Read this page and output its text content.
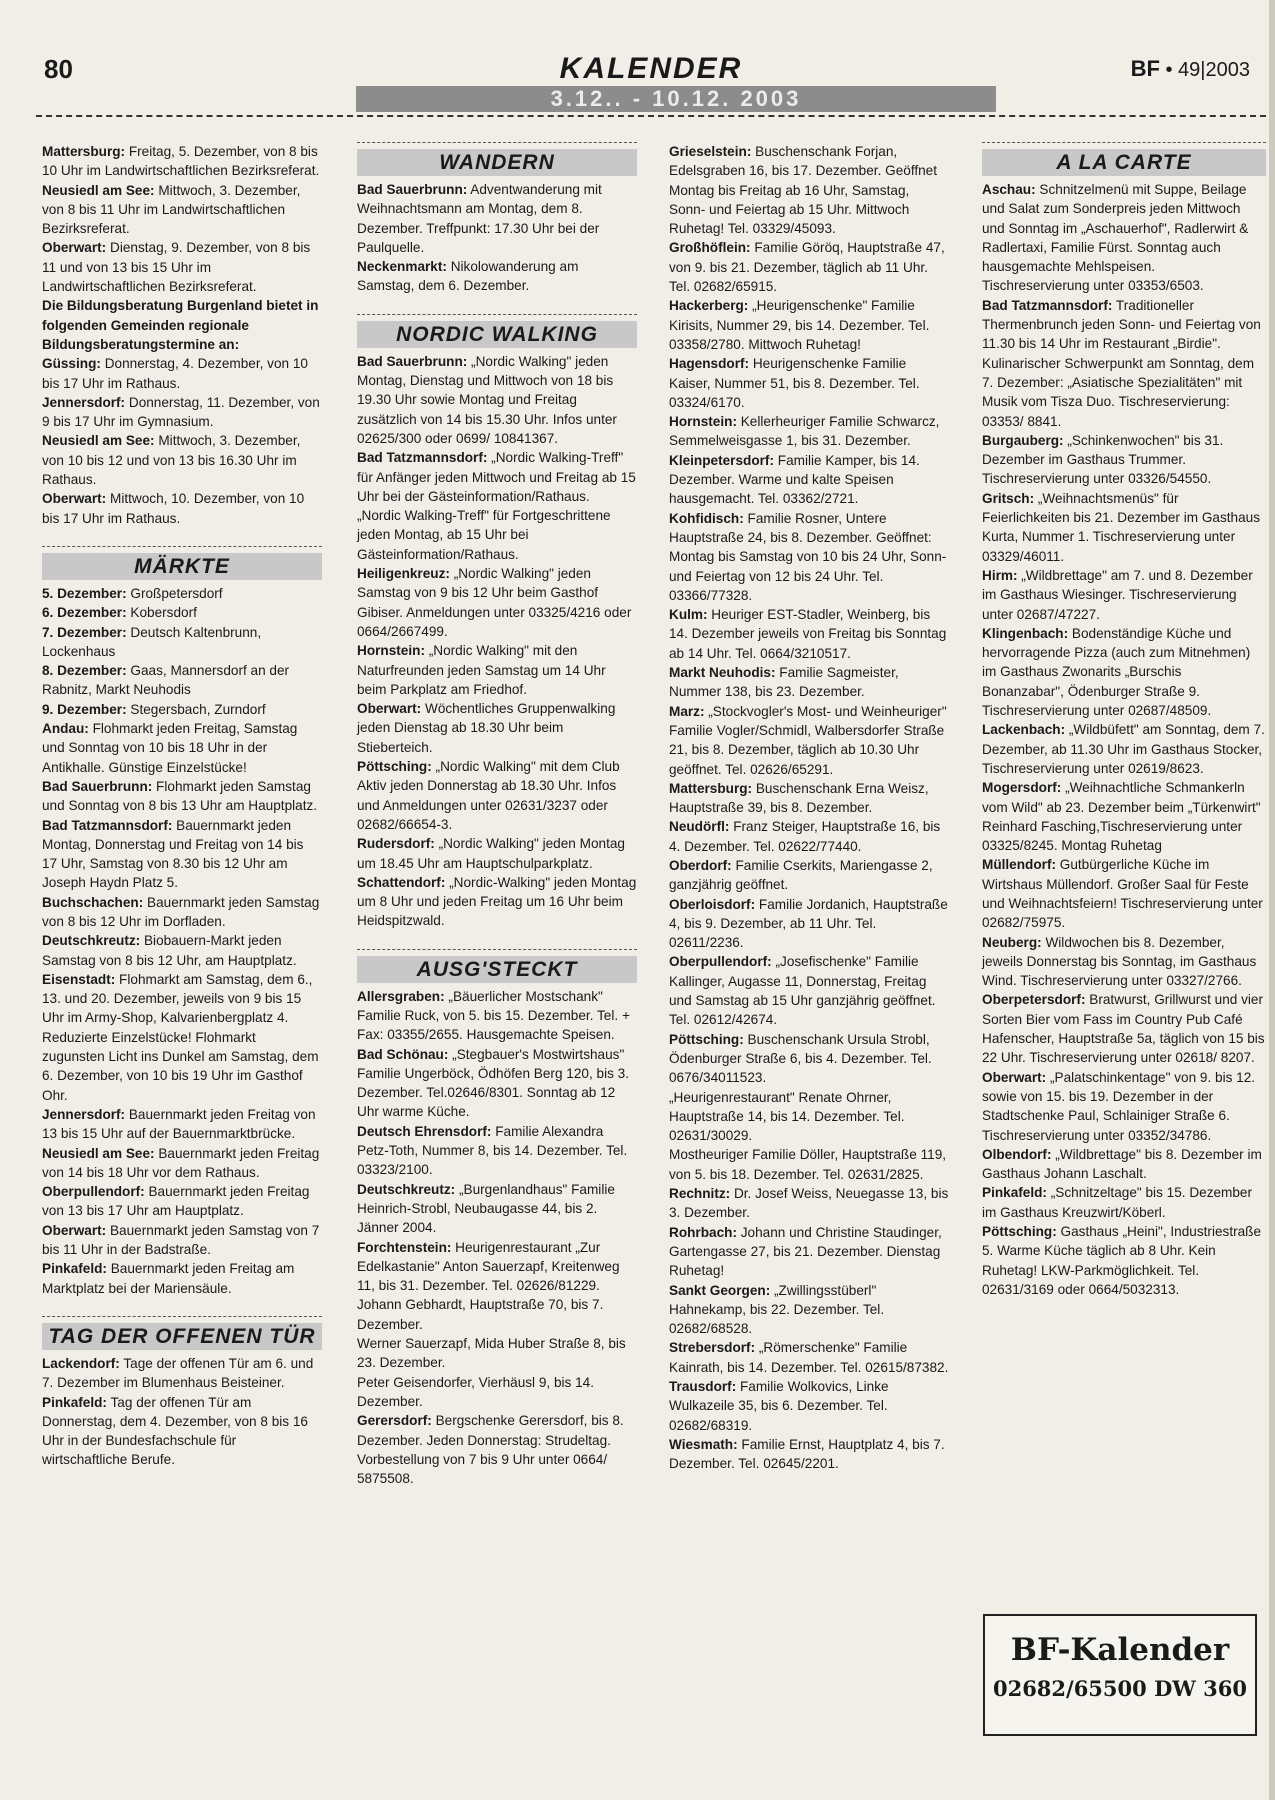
80	KALENDER
3.12.. - 10.12. 2003
BF • 49|2003

Mattersburg: Freitag, 5. Dezember, von 8 bis 10 Uhr im Landwirtschaftlichen Bezirksreferat.

Neusiedl am See: Mittwoch, 3. Dezember, von 8 bis 11 Uhr im Landwirtschaftlichen Bezirksreferat.

Oberwart: Dienstag, 9. Dezember, von 8 bis 11 und von 13 bis 15 Uhr im Landwirtschaftlichen Bezirksreferat.

Die Bildungsberatung Burgenland bietet in folgenden Gemeinden regionale Bildungsberatungstermine an:

Güssing: Donnerstag, 4. Dezember, von 10 bis 17 Uhr im Rathaus.

Jennersdorf: Donnerstag, 11. Dezember, von 9 bis 17 Uhr im Gymnasium.

Neusiedl am See: Mittwoch, 3. Dezember, von 10 bis 12 und von 13 bis 16.30 Uhr im Rathaus.

Oberwart: Mittwoch, 10. Dezember, von 10 bis 17 Uhr im Rathaus.

MÄRKTE

5. Dezember: Großpetersdorf

6. Dezember: Kobersdorf

7. Dezember: Deutsch Kaltenbrunn, Lockenhaus

8. Dezember: Gaas, Mannersdorf an der Rabnitz, Markt Neuhodis

9. Dezember: Stegersbach, Zurndorf

Andau: Flohmarkt jeden Freitag, Samstag und Sonntag von 10 bis 18 Uhr in der Antikhalle. Günstige Einzelstücke!

Bad Sauerbrunn: Flohmarkt jeden Samstag und Sonntag von 8 bis 13 Uhr am Hauptplatz.

Bad Tatzmannsdorf: Bauernmarkt jeden Montag, Donnerstag und Freitag von 14 bis 17 Uhr, Samstag von 8.30 bis 12 Uhr am Joseph Haydn Platz 5.

Buchschachen: Bauernmarkt jeden Samstag von 8 bis 12 Uhr im Dorfladen.

Deutschkreutz: Biobauern-Markt jeden Samstag von 8 bis 12 Uhr, am Hauptplatz.

Eisenstadt: Flohmarkt am Samstag, dem 6., 13. und 20. Dezember, jeweils von 9 bis 15 Uhr im Army-Shop, Kalvarienbergplatz 4. Reduzierte Einzelstücke! Flohmarkt zugunsten Licht ins Dunkel am Samstag, dem 6. Dezember, von 10 bis 19 Uhr im Gasthof Ohr.

Jennersdorf: Bauernmarkt jeden Freitag von 13 bis 15 Uhr auf der Bauernmarktbrücke.

Neusiedl am See: Bauernmarkt jeden Freitag von 14 bis 18 Uhr vor dem Rathaus.

Oberpullendorf: Bauernmarkt jeden Freitag von 13 bis 17 Uhr am Hauptplatz.

Oberwart: Bauernmarkt jeden Samstag von 7 bis 11 Uhr in der Badstraße.

Pinkafeld: Bauernmarkt jeden Freitag am Marktplatz bei der Mariensäule.

TAG DER OFFENEN TÜR

Lackendorf: Tage der offenen Tür am 6. und 7. Dezember im Blumenhaus Beisteiner.

Pinkafeld: Tag der offenen Tür am Donnerstag, dem 4. Dezember, von 8 bis 16 Uhr in der Bundesfachschule für wirtschaftliche Berufe.

WANDERN

Bad Sauerbrunn: Adventwanderung mit Weihnachtsmann am Montag, dem 8. Dezember. Treffpunkt: 17.30 Uhr bei der Paulquelle.

Neckenmarkt: Nikolowanderung am Samstag, dem 6. Dezember.

NORDIC WALKING

Bad Sauerbrunn: „Nordic Walking" jeden Montag, Dienstag und Mittwoch von 18 bis 19.30 Uhr sowie Montag und Freitag zusätzlich von 14 bis 15.30 Uhr. Infos unter 02625/300 oder 0699/ 10841367.

Bad Tatzmannsdorf: „Nordic Walking-Treff" für Anfänger jeden Mittwoch und Freitag ab 15 Uhr bei der Gästeinformation/Rathaus.

„Nordic Walking-Treff" für Fortgeschrittene jeden Montag, ab 15 Uhr bei Gästeinformation/Rathaus.

Heiligenkreuz: „Nordic Walking" jeden Samstag von 9 bis 12 Uhr beim Gasthof Gibiser. Anmeldungen unter 03325/4216 oder 0664/2667499.

Hornstein: „Nordic Walking" mit den Naturfreunden jeden Samstag um 14 Uhr beim Parkplatz am Friedhof.

Oberwart: Wöchentliches Gruppenwalking jeden Dienstag ab 18.30 Uhr beim Stieberteich.

Pöttsching: „Nordic Walking" mit dem Club Aktiv jeden Donnerstag ab 18.30 Uhr. Infos und Anmeldungen unter 02631/3237 oder 02682/66654-3.

Rudersdorf: „Nordic Walking" jeden Montag um 18.45 Uhr am Hauptschulparkplatz.

Schattendorf: „Nordic-Walking" jeden Montag um 8 Uhr und jeden Freitag um 16 Uhr beim Heidspitzwald.

AUSG'STECKT

Allersgraben: „Bäuerlicher Mostschank" Familie Ruck, von 5. bis 15. Dezember. Tel. + Fax: 03355/2655. Hausgemachte Speisen.

Bad Schönau: „Stegbauer's Mostwirtshaus" Familie Ungerböck, Ödhöfen Berg 120, bis 3. Dezember. Tel.02646/8301. Sonntag ab 12 Uhr warme Küche.

Deutsch Ehrensdorf: Familie Alexandra Petz-Toth, Nummer 8, bis 14. Dezember. Tel. 03323/2100.

Deutschkreutz: „Burgenlandhaus" Familie Heinrich-Strobl, Neubaugasse 44, bis 2. Jänner 2004.

Forchtenstein: Heurigenrestaurant „Zur Edelkastanie" Anton Sauerzapf, Kreitenweg 11, bis 31. Dezember. Tel. 02626/81229.

Johann Gebhardt, Hauptstraße 70, bis 7. Dezember.

Werner Sauerzapf, Mida Huber Straße 8, bis 23. Dezember.

Peter Geisendorfer, Vierhäusl 9, bis 14. Dezember.

Gerersdorf: Bergschenke Gerersdorf, bis 8. Dezember. Jeden Donnerstag: Strudeltag. Vorbestellung von 7 bis 9 Uhr unter 0664/ 5875508.

Grieselstein: Buschenschank Forjan, Edelsgraben 16, bis 17. Dezember. Geöffnet Montag bis Freitag ab 16 Uhr, Samstag, Sonn- und Feiertag ab 15 Uhr. Mittwoch Ruhetag! Tel. 03329/45093.

Großhöflein: Familie Göröq, Hauptstraße 47, von 9. bis 21. Dezember, täglich ab 11 Uhr. Tel. 02682/65915.

Hackerberg: „Heurigenschenke" Familie Kirisits, Nummer 29, bis 14. Dezember. Tel. 03358/2780. Mittwoch Ruhetag!

Hagensdorf: Heurigenschenke Familie Kaiser, Nummer 51, bis 8. Dezember. Tel. 03324/6170.

Hornstein: Kellerheuriger Familie Schwarcz, Semmelweisgasse 1, bis 31. Dezember.

Kleinpetersdorf: Familie Kamper, bis 14. Dezember. Warme und kalte Speisen hausgemacht. Tel. 03362/2721.

Kohfidisch: Familie Rosner, Untere Hauptstraße 24, bis 8. Dezember. Geöffnet: Montag bis Samstag von 10 bis 24 Uhr, Sonn- und Feiertag von 12 bis 24 Uhr. Tel. 03366/77328.

Kulm: Heuriger EST-Stadler, Weinberg, bis 14. Dezember jeweils von Freitag bis Sonntag ab 14 Uhr. Tel. 0664/3210517.

Markt Neuhodis: Familie Sagmeister, Nummer 138, bis 23. Dezember.

Marz: „Stockvogler's Most- und Weinheuriger" Familie Vogler/Schmidl, Walbersdorfer Straße 21, bis 8. Dezember, täglich ab 10.30 Uhr geöffnet. Tel. 02626/65291.

Mattersburg: Buschenschank Erna Weisz, Hauptstraße 39, bis 8. Dezember.

Neudörfl: Franz Steiger, Hauptstraße 16, bis 4. Dezember. Tel. 02622/77440.

Oberdorf: Familie Cserkits, Mariengasse 2, ganzjährig geöffnet.

Oberloisdorf: Familie Jordanich, Hauptstraße 4, bis 9. Dezember, ab 11 Uhr. Tel. 02611/2236.

Oberpullendorf: „Josefischenke" Familie Kallinger, Augasse 11, Donnerstag, Freitag und Samstag ab 15 Uhr ganzjährig geöffnet. Tel. 02612/42674.

Pöttsching: Buschenschank Ursula Strobl, Ödenburger Straße 6, bis 4. Dezember. Tel. 0676/34011523.

„Heurigenrestaurant" Renate Ohrner, Hauptstraße 14, bis 14. Dezember. Tel. 02631/30029.

Mostheuriger Familie Döller, Hauptstraße 119, von 5. bis 18. Dezember. Tel. 02631/2825.

Rechnitz: Dr. Josef Weiss, Neuegasse 13, bis 3. Dezember.

Rohrbach: Johann und Christine Staudinger, Gartengasse 27, bis 21. Dezember. Dienstag Ruhetag!

Sankt Georgen: „Zwillingsstüberl" Hahnekamp, bis 22. Dezember. Tel. 02682/68528.

Strebersdorf: „Römerschenke" Familie Kainrath, bis 14. Dezember. Tel. 02615/87382.

Trausdorf: Familie Wolkovics, Linke Wulkazeile 35, bis 6. Dezember. Tel. 02682/68319.

Wiesmath: Familie Ernst, Hauptplatz 4, bis 7. Dezember. Tel. 02645/2201.

A LA CARTE

Aschau: Schnitzelmenü mit Suppe, Beilage und Salat zum Sonderpreis jeden Mittwoch und Sonntag im „Aschauerhof", Radlerwirt & Radlertaxi, Familie Fürst. Sonntag auch hausgemachte Mehlspeisen. Tischreservierung unter 03353/6503.

Bad Tatzmannsdorf: Traditioneller Thermenbrunch jeden Sonn- und Feiertag von 11.30 bis 14 Uhr im Restaurant „Birdie". Kulinarischer Schwerpunkt am Sonntag, dem 7. Dezember: „Asiatische Spezialitäten" mit Musik vom Tisza Duo. Tischreservierung: 03353/ 8841.

Burgauberg: „Schinkenwochen" bis 31. Dezember im Gasthaus Trummer. Tischreservierung unter 03326/54550.

Gritsch: „Weihnachtsmenüs" für Feierlichkeiten bis 21. Dezember im Gasthaus Kurta, Nummer 1. Tischreservierung unter 03329/46011.

Hirm: „Wildbrettage" am 7. und 8. Dezember im Gasthaus Wiesinger. Tischreservierung unter 02687/47227.

Klingenbach: Bodenständige Küche und hervorragende Pizza (auch zum Mitnehmen) im Gasthaus Zwonarits „Burschis Bonanzabar", Ödenburger Straße 9. Tischreservierung unter 02687/48509.

Lackenbach: „Wildbüfett" am Sonntag, dem 7. Dezember, ab 11.30 Uhr im Gasthaus Stocker, Tischreservierung unter 02619/8623.

Mogersdorf: „Weihnachtliche Schmankerln vom Wild" ab 23. Dezember beim „Türkenwirt" Reinhard Fasching,Tischreservierung unter 03325/8245. Montag Ruhetag

Müllendorf: Gutbürgerliche Küche im Wirtshaus Müllendorf. Großer Saal für Feste und Weihnachtsfeiern! Tischreservierung unter 02682/75975.

Neuberg: Wildwochen bis 8. Dezember, jeweils Donnerstag bis Sonntag, im Gasthaus Wind. Tischreservierung unter 03327/2766.

Oberpetersdorf: Bratwurst, Grillwurst und vier Sorten Bier vom Fass im Country Pub Café Hafenscher, Hauptstraße 5a, täglich von 15 bis 22 Uhr. Tischreservierung unter 02618/ 8207.

Oberwart: „Palatschinkentage" von 9. bis 12. sowie von 15. bis 19. Dezember in der Stadtschenke Paul, Schlainiger Straße 6. Tischreservierung unter 03352/34786.

Olbendorf: „Wildbrettage" bis 8. Dezember im Gasthaus Johann Laschalt.

Pinkafeld: „Schnitzeltage" bis 15. Dezember im Gasthaus Kreuzwirt/Köberl.

Pöttsching: Gasthaus „Heini", Industriestraße 5. Warme Küche täglich ab 8 Uhr. Kein Ruhetag! LKW-Parkmöglichkeit. Tel. 02631/3169 oder 0664/5032313.

BF-Kalender
02682/65500 DW 360
